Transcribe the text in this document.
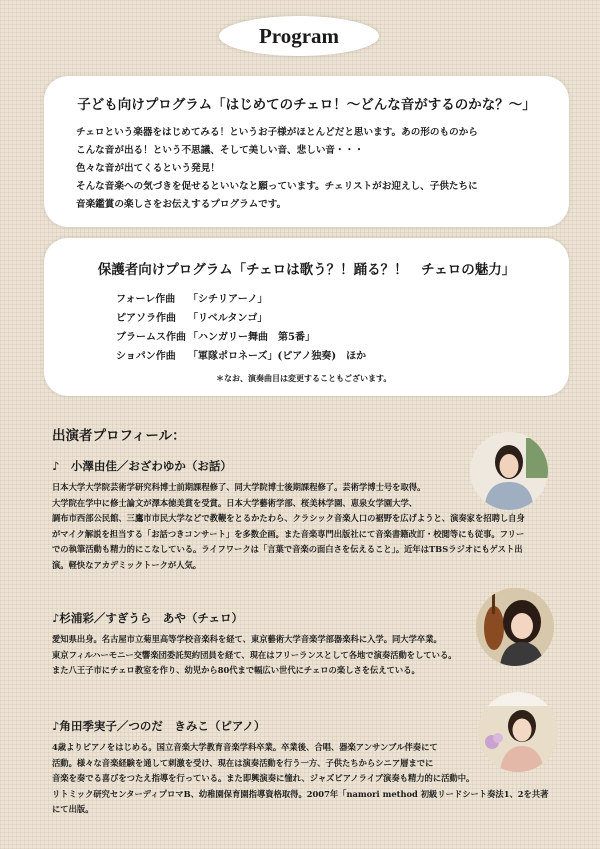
Program
子ども向けプログラム「はじめてのチェロ！～どんな音がするのかな？～」
チェロという楽器をはじめてみる！というお子様がほとんどだと思います。あの形のものから
こんな音が出る！という不思議、そして美しい音、悲しい音・・・
色々な音が出てくるという発見！
そんな音楽への気づきを促せるといいなと願っています。チェリストがお迎えし、子供たちに
音楽鑑賞の楽しさをお伝えするプログラムです。
保護者向けプログラム「チェロは歌う？！踊る？！　チェロの魅力」
フォーレ作曲 「シチリアーノ」
ピアソラ作曲 「リベルタンゴ」
ブラームス作曲 「ハンガリー舞曲　第5番」
ショパン作曲 「軍隊ポロネーズ」(ピアノ独奏)　ほか
＊なお、演奏曲目は変更することもございます。
出演者プロフィール：
♪　小澤由佳／おざわゆか（お話）
日本大学大学院芸術学研究科博士前期課程修了、同大学院博士後期課程修了。芸術学博士号を取得。
大学院在学中に修士論文が澤本徳美賞を受賞。日本大学藝術学部、桜美林学園、恵泉女学園大学、
調布市西部公民館、三鷹市市民大学などで教鞭をとるかたわら、クラシック音楽人口の裾野を広げようと、演奏家を招聘し自身
がマイク解説を担当する「お話つきコンサート」を多数企画。また音楽専門出版社にて音楽書籍改訂・校閲等にも従事。フリー
での執筆活動も精力的にこなしている。ライフワークは「言葉で音楽の面白さを伝えること」。近年はTBSラジオにもゲスト出
演。軽快なアカデミックトークが人気。
♪杉浦彩／すぎうら　あや（チェロ）
愛知県出身。名古屋市立菊里高等学校音楽科を経て、東京藝術大学音楽学部器楽科に入学。同大学卒業。
東京フィルハーモニー交響楽団委託契約団員を経て、現在はフリーランスとして各地で演奏活動をしている。
また八王子市にチェロ教室を作り、幼児から80代まで幅広い世代にチェロの楽しさを伝えている。
♪角田季実子／つのだ　きみこ（ピアノ）
4歳よりピアノをはじめる。国立音楽大学教育音楽学科卒業。卒業後、合唱、器楽アンサンブル伴奏にて
活動。様々な音楽経験を通して刺激を受け、現在は演奏活動を行う一方、子供たちからシニア層までに
音楽を奏でる喜びをつたえ指導を行っている。また即興演奏に憧れ、ジャズピアノライブ演奏も精力的に活動中。
リトミック研究センターディプロマB、幼稚園保育園指導資格取得。2007年「namori method 初級リードシート奏法1、2を共著
にて出版。
